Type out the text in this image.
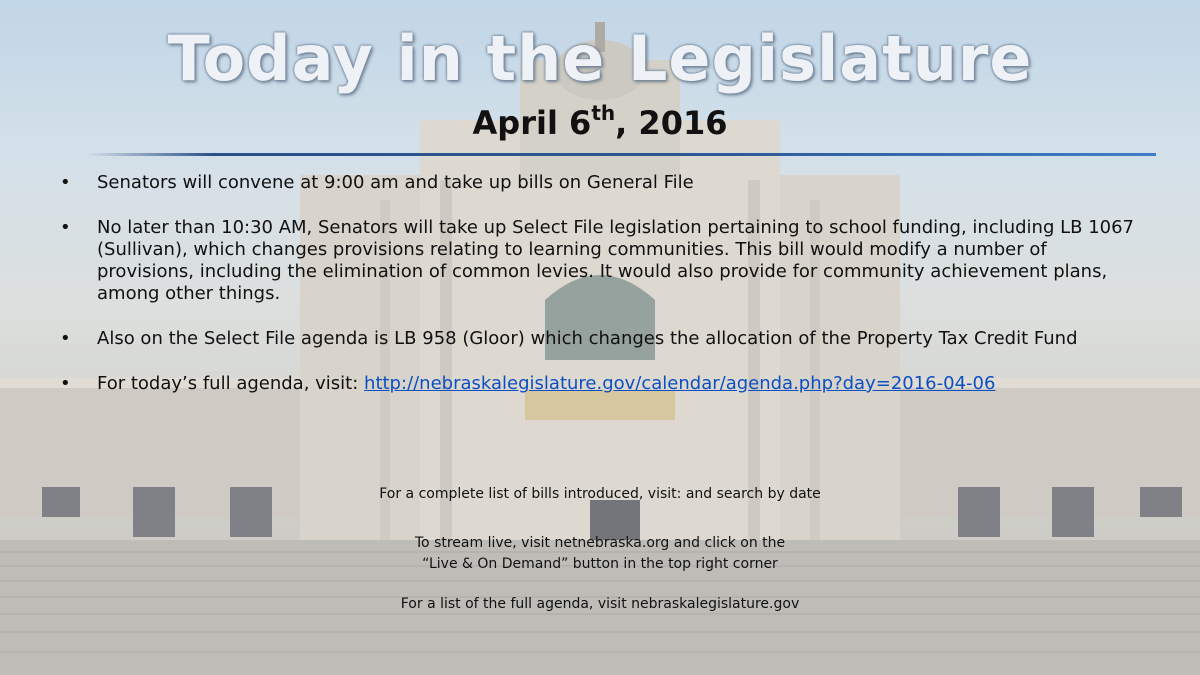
Today in the Legislature
April 6th, 2016
• Senators will convene at 9:00 am and take up bills on General File
• No later than 10:30 AM, Senators will take up Select File legislation pertaining to school funding, including LB 1067 (Sullivan), which changes provisions relating to learning communities. This bill would modify a number of provisions, including the elimination of common levies. It would also provide for community achievement plans, among other things.
• Also on the Select File agenda is LB 958 (Gloor) which changes the allocation of the Property Tax Credit Fund
• For today’s full agenda, visit: http://nebraskalegislature.gov/calendar/agenda.php?day=2016-04-06
For a complete list of bills introduced, visit: and search by date
To stream live, visit netnebraska.org and click on the
“Live & On Demand” button in the top right corner
For a list of the full agenda, visit nebraskalegislature.gov
